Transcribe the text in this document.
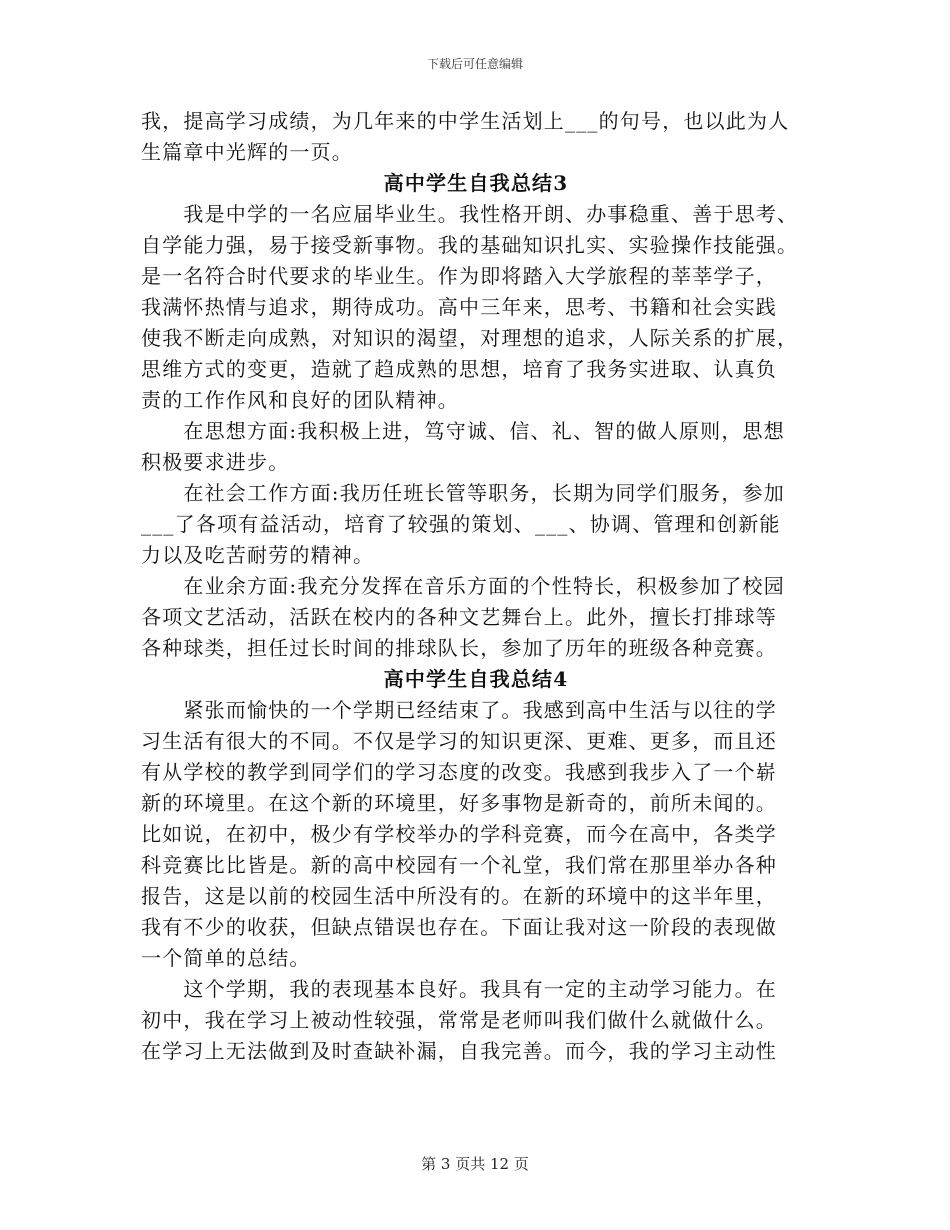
下载后可任意编辑
我，提高学习成绩，为几年来的中学生活划上___的句号，也以此为人
生篇章中光辉的一页。
高中学生自我总结3
　　我是中学的一名应届毕业生。我性格开朗、办事稳重、善于思考、
自学能力强，易于接受新事物。我的基础知识扎实、实验操作技能强。
是一名符合时代要求的毕业生。作为即将踏入大学旅程的莘莘学子，
我满怀热情与追求，期待成功。高中三年来，思考、书籍和社会实践
使我不断走向成熟，对知识的渴望，对理想的追求，人际关系的扩展，
思维方式的变更，造就了趋成熟的思想，培育了我务实进取、认真负
责的工作作风和良好的团队精神。
　　在思想方面:我积极上进，笃守诚、信、礼、智的做人原则，思想
积极要求进步。
　　在社会工作方面:我历任班长管等职务，长期为同学们服务，参加
___了各项有益活动，培育了较强的策划、___、协调、管理和创新能
力以及吃苦耐劳的精神。
　　在业余方面:我充分发挥在音乐方面的个性特长，积极参加了校园
各项文艺活动，活跃在校内的各种文艺舞台上。此外，擅长打排球等
各种球类，担任过长时间的排球队长，参加了历年的班级各种竞赛。
高中学生自我总结4
　　紧张而愉快的一个学期已经结束了。我感到高中生活与以往的学
习生活有很大的不同。不仅是学习的知识更深、更难、更多，而且还
有从学校的教学到同学们的学习态度的改变。我感到我步入了一个崭
新的环境里。在这个新的环境里，好多事物是新奇的，前所未闻的。
比如说，在初中，极少有学校举办的学科竞赛，而今在高中，各类学
科竞赛比比皆是。新的高中校园有一个礼堂，我们常在那里举办各种
报告，这是以前的校园生活中所没有的。在新的环境中的这半年里，
我有不少的收获，但缺点错误也存在。下面让我对这一阶段的表现做
一个简单的总结。
　　这个学期，我的表现基本良好。我具有一定的主动学习能力。在
初中，我在学习上被动性较强，常常是老师叫我们做什么就做什么。
在学习上无法做到及时查缺补漏，自我完善。而今，我的学习主动性
第 3 页共 12 页
